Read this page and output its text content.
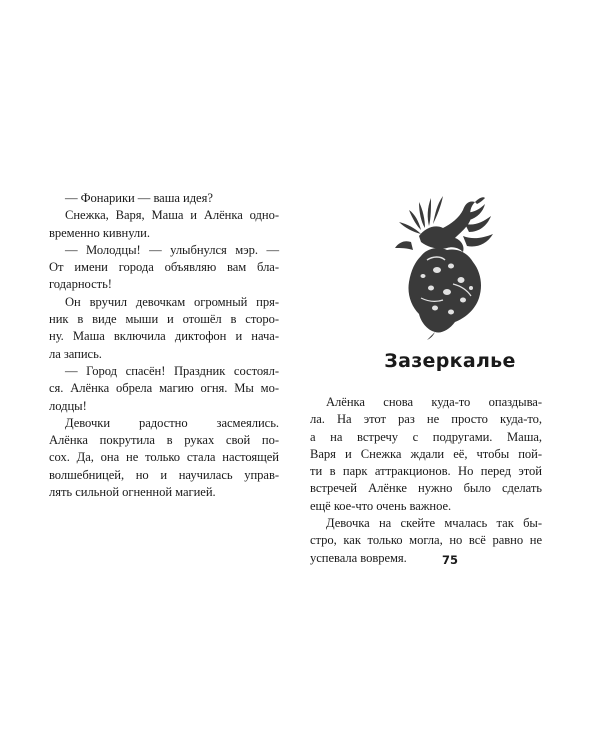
— Фонарики — ваша идея?
Снежка, Варя, Маша и Алёнка одно-
временно кивнули.
— Молодцы! — улыбнулся мэр. —
От имени города объявляю вам бла-
годарность!
Он вручил девочкам огромный пря-
ник в виде мыши и отошёл в сторо-
ну. Маша включила диктофон и нача-
ла запись.
— Город спасён! Праздник состоял-
ся. Алёнка обрела магию огня. Мы мо-
лодцы!
Девочки радостно засмеялись.
Алёнка покрутила в руках свой по-
сох. Да, она не только стала настоящей
волшебницей, но и научилась управ-
лять сильной огненной магией.
Зазеркалье
Алёнка снова куда-то опаздыва-
ла. На этот раз не просто куда-то,
а на встречу с подругами. Маша,
Варя и Снежка ждали её, чтобы пой-
ти в парк аттракционов. Но перед этой
встречей Алёнке нужно было сделать
ещё кое-что очень важное.
Девочка на скейте мчалась так бы-
стро, как только могла, но всё равно не
успевала вовремя.	75
